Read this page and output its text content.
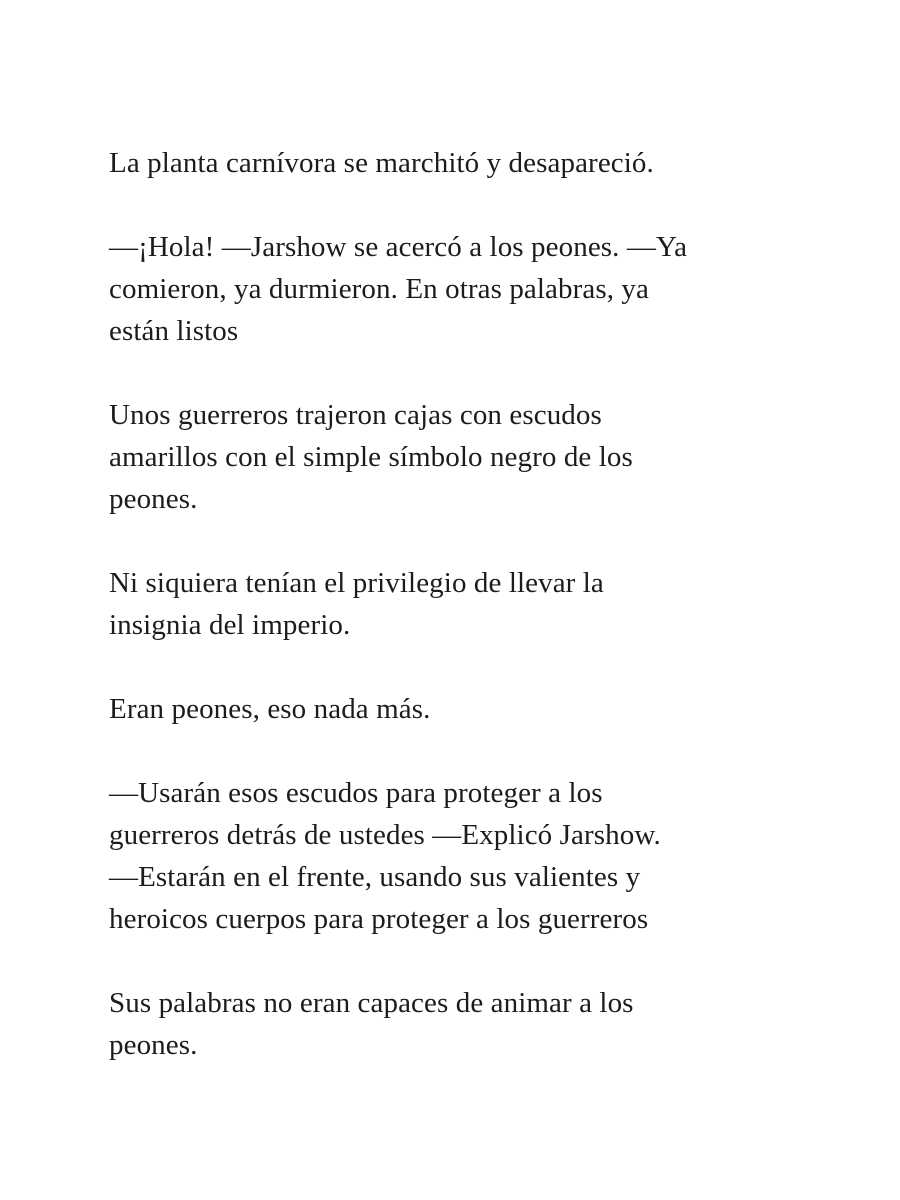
La planta carnívora se marchitó y desapareció.

—¡Hola! —Jarshow se acercó a los peones. —Ya
comieron, ya durmieron. En otras palabras, ya
están listos

Unos guerreros trajeron cajas con escudos
amarillos con el simple símbolo negro de los
peones.

Ni siquiera tenían el privilegio de llevar la
insignia del imperio.

Eran peones, eso nada más.

—Usarán esos escudos para proteger a los
guerreros detrás de ustedes —Explicó Jarshow.
—Estarán en el frente, usando sus valientes y
heroicos cuerpos para proteger a los guerreros

Sus palabras no eran capaces de animar a los
peones.
